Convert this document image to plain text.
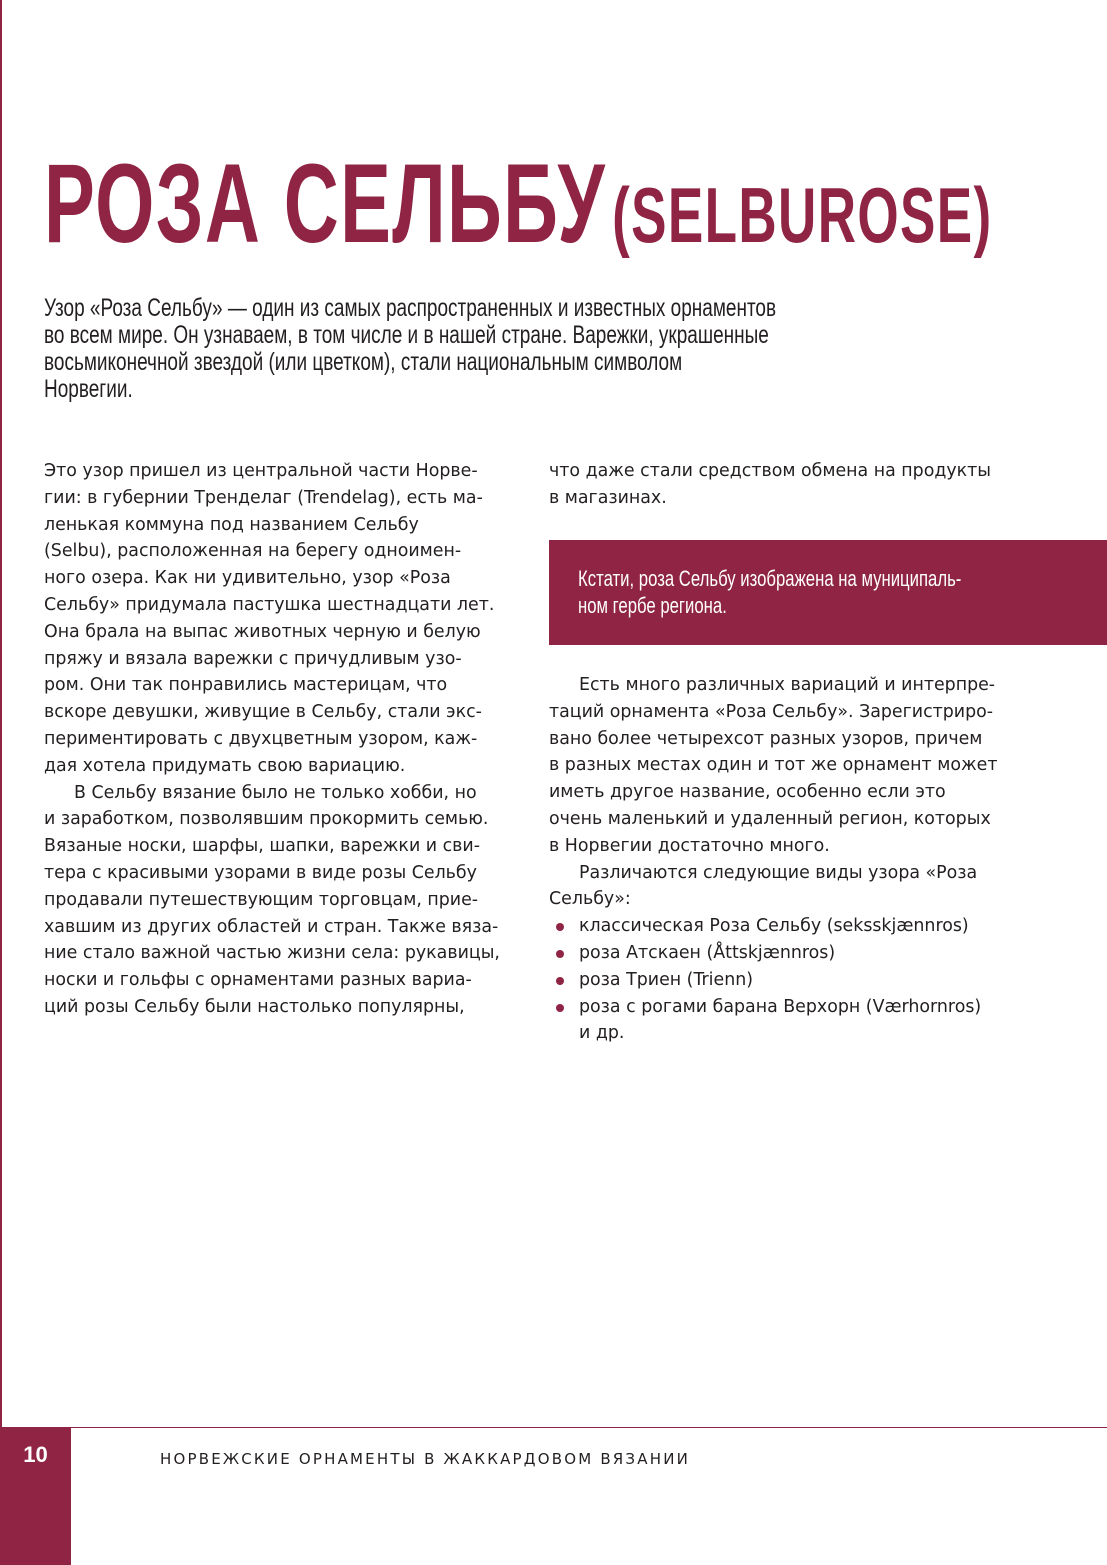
РОЗА СЕЛЬБУ (SELBUROSE)

Узор «Роза Сельбу» — один из самых распространенных и известных орнаментов
во всем мире. Он узнаваем, в том числе и в нашей стране. Варежки, украшенные
восьмиконечной звездой (или цветком), стали национальным символом
Норвегии.

Это узор пришел из центральной части Норве-
гии: в губернии Тренделаг (Trendelag), есть ма-
ленькая коммуна под названием Сельбу
(Selbu), расположенная на берегу одноимен-
ного озера. Как ни удивительно, узор «Роза
Сельбу» придумала пастушка шестнадцати лет.
Она брала на выпас животных черную и белую
пряжу и вязала варежки с причудливым узо-
ром. Они так понравились мастерицам, что
вскоре девушки, живущие в Сельбу, стали экс-
периментировать с двухцветным узором, каж-
дая хотела придумать свою вариацию.
В Сельбу вязание было не только хобби, но
и заработком, позволявшим прокормить семью.
Вязаные носки, шарфы, шапки, варежки и сви-
тера с красивыми узорами в виде розы Сельбу
продавали путешествующим торговцам, прие-
хавшим из других областей и стран. Также вяза-
ние стало важной частью жизни села: рукавицы,
носки и гольфы с орнаментами разных вариа-
ций розы Сельбу были настолько популярны,
что даже стали средством обмена на продукты
в магазинах.

Кстати, роза Сельбу изображена на муниципаль-
ном гербе региона.

Есть много различных вариаций и интерпре-
таций орнамента «Роза Сельбу». Зарегистриро-
вано более четырехсот разных узоров, причем
в разных местах один и тот же орнамент может
иметь другое название, особенно если это
очень маленький и удаленный регион, которых
в Норвегии достаточно много.
Различаются следующие виды узора «Роза
Сельбу»:
классическая Роза Сельбу (seksskjænnros)
роза Атскаен (Åttskjænnros)
роза Триен (Trienn)
роза с рогами барана Верхорн (Værhornros)
и др.
10	НОРВЕЖСКИЕ ОРНАМЕНТЫ В ЖАККАРДОВОМ ВЯЗАНИИ
